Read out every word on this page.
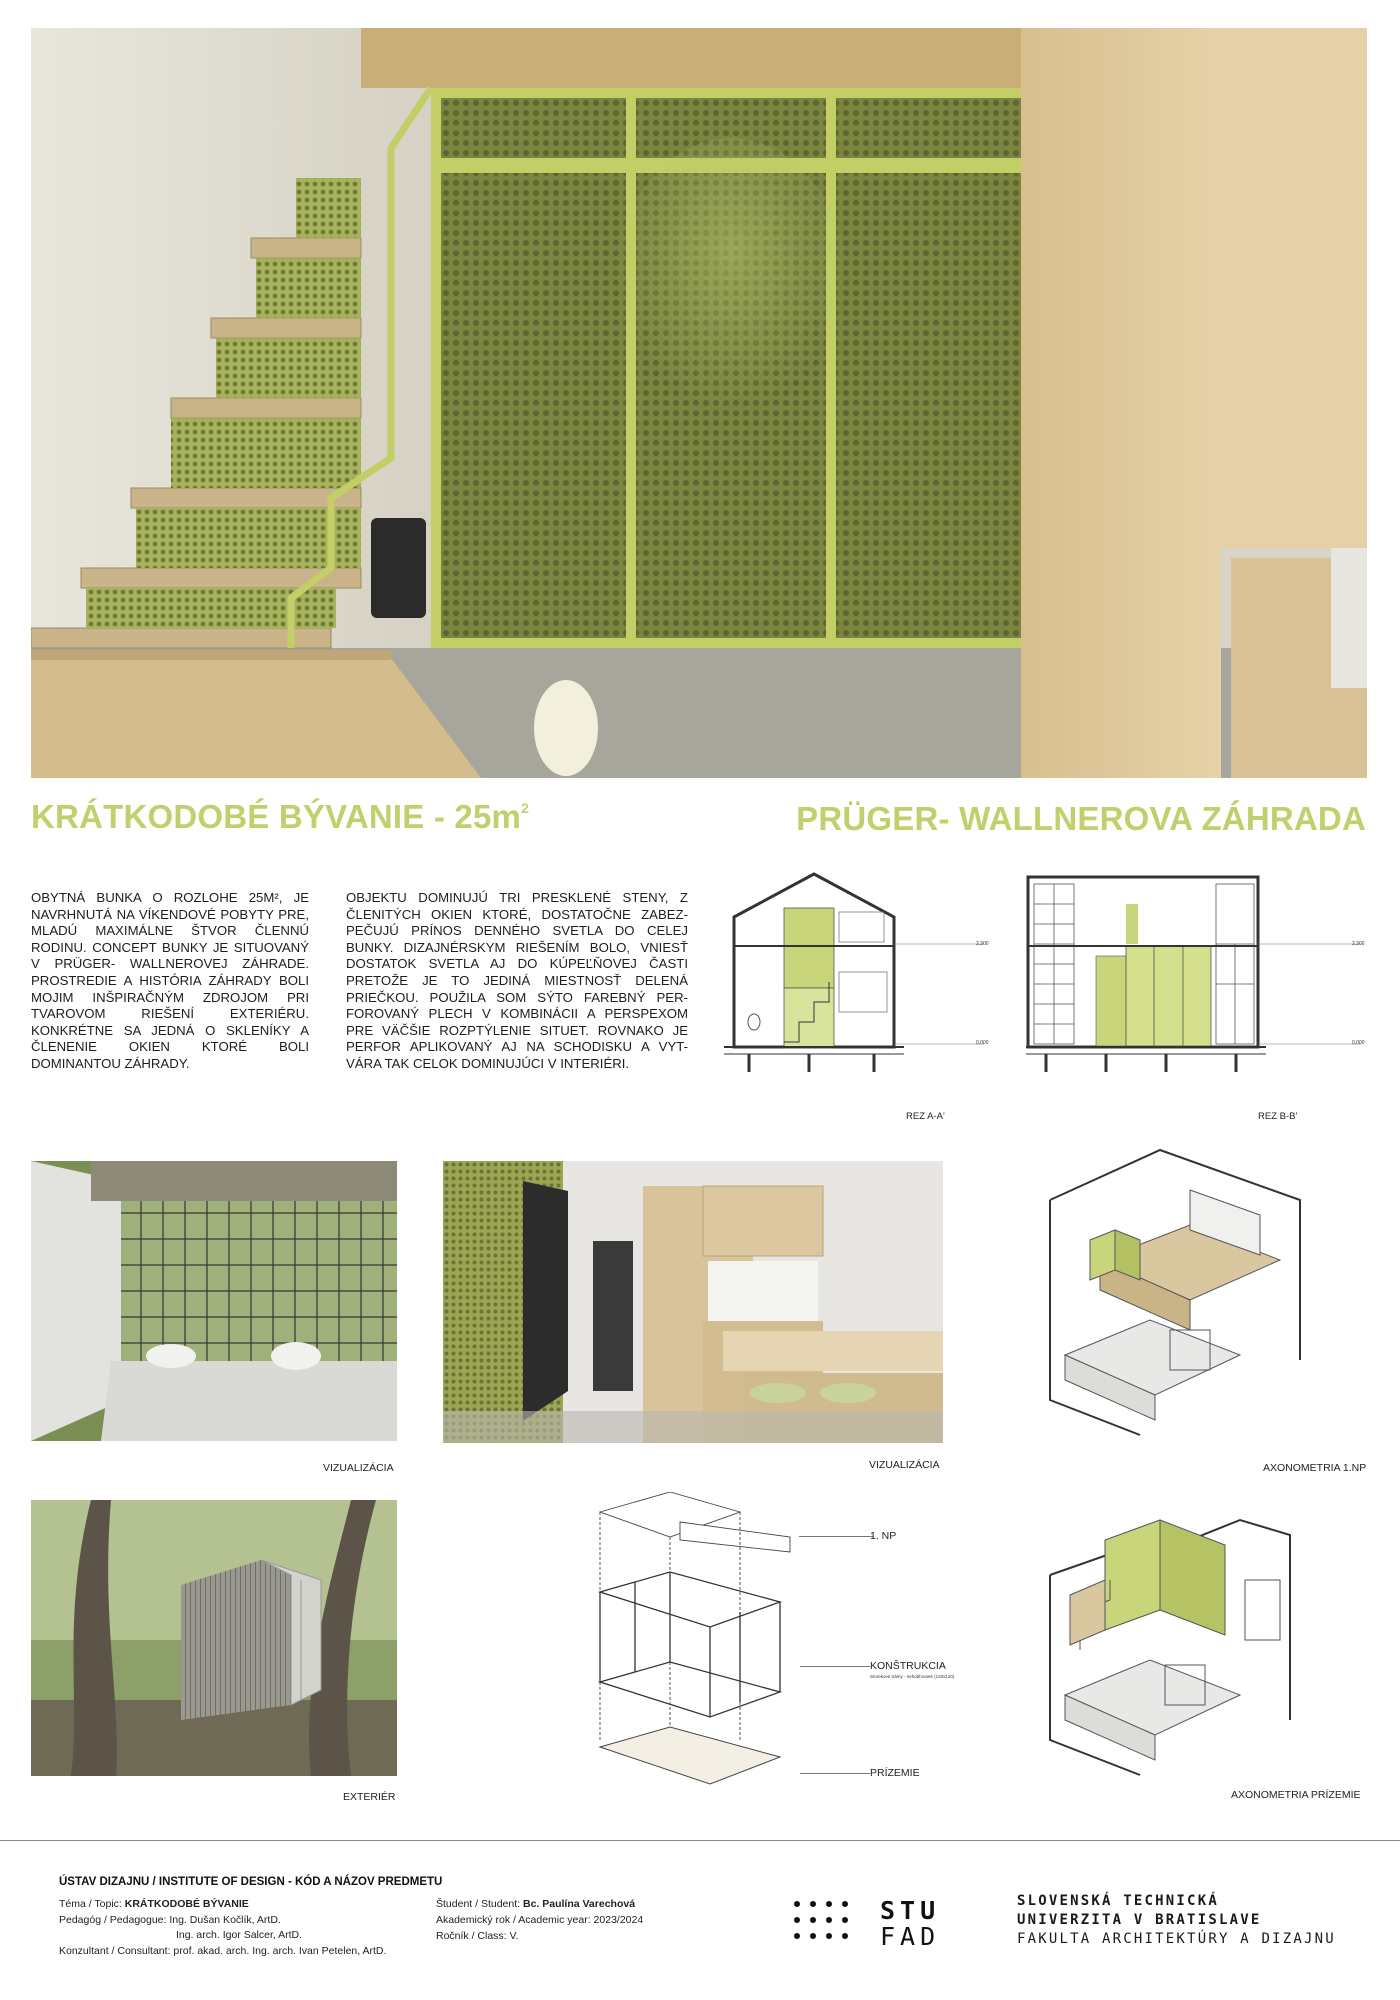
KRÁTKODOBÉ BÝVANIE - $25m^2$	PRÜGER- WALLNEROVA ZÁHRADA
OBYTNÁ BUNKA O ROZLOHE 25M², JE NAVRHNUTÁ NA VÍKENDOVÉ POBYTY PRE, MLADÚ MAXIMÁLNE ŠTVOR ČLENNÚ RODINU. CONCEPT BUNKY JE SITUOVANÝ V PRÜGER- WALLNEROVEJ ZÁHRADE. PROSTREDIE A HISTÓRIA ZÁHRADY BOLI MOJIM INŠPIRAČNÝM ZDROJOM PRI TVAROVOM RIEŠENÍ EXTERIÉRU. KONKRÉTNE SA JEDNÁ O SKLENÍKY A ČLENENIE OKIEN KTORÉ BOLI DOMINANTOU ZÁHRADY.
OBJEKTU DOMINUJÚ TRI PRESKLENÉ STENY, Z ČLENITÝCH OKIEN KTORÉ, DOSTATOČNE ZABEZ- PEČUJÚ PRÍNOS DENNÉHO SVETLA DO CELEJ BUNKY. DIZAJNÉRSKYM RIEŠENÍM BOLO, VNIESŤ DOSTATOK SVETLA AJ DO KÚPEĽŇOVEJ ČASTI PRETOŽE JE TO JEDINÁ MIESTNOSŤ DELENÁ PRIEČKOU. POUŽILA SOM SÝTO FAREBNÝ PER- FOROVANÝ PLECH V KOMBINÁCII A PERSPEXOM PRE VÄČŠIE ROZPTÝLENIE SITUET. ROVNAKO JE PERFOR APLIKOVANÝ AJ NA SCHODISKU A VYT- VÁRA TAK CELOK DOMINUJÚCI V INTERIÉRI.
2,300
0,000
REZ A-A'
2,300
0,000
REZ B-B'
VIZUALIZÁCIA	VIZUALIZÁCIA	AXONOMETRIA 1.NP
EXTERIÉR
1. NP
KONŠTRUKCIA
Smrekové trámy - nehobľované (120x120)
PRÍZEMIE
AXONOMETRIA PRÍZEMIE
ÚSTAV DIZAJNU / INSTITUTE OF DESIGN - KÓD A NÁZOV PREDMETU
Téma / Topic: KRÁTKODOBÉ BÝVANIE
Pedagóg / Pedagogue: Ing. Dušan Kočlík, ArtD.
Ing. arch. Igor Salcer, ArtD.
Konzultant / Consultant: prof. akad. arch. Ing. arch. Ivan Petelen, ArtD.
Študent / Student: Bc. Paulína Varechová
Akademický rok / Academic year: 2023/2024
Ročník / Class: V.
STU
FAD
SLOVENSKÁ TECHNICKÁ
UNIVERZITA V BRATISLAVE
FAKULTA ARCHITEKTÚRY A DIZAJNU
